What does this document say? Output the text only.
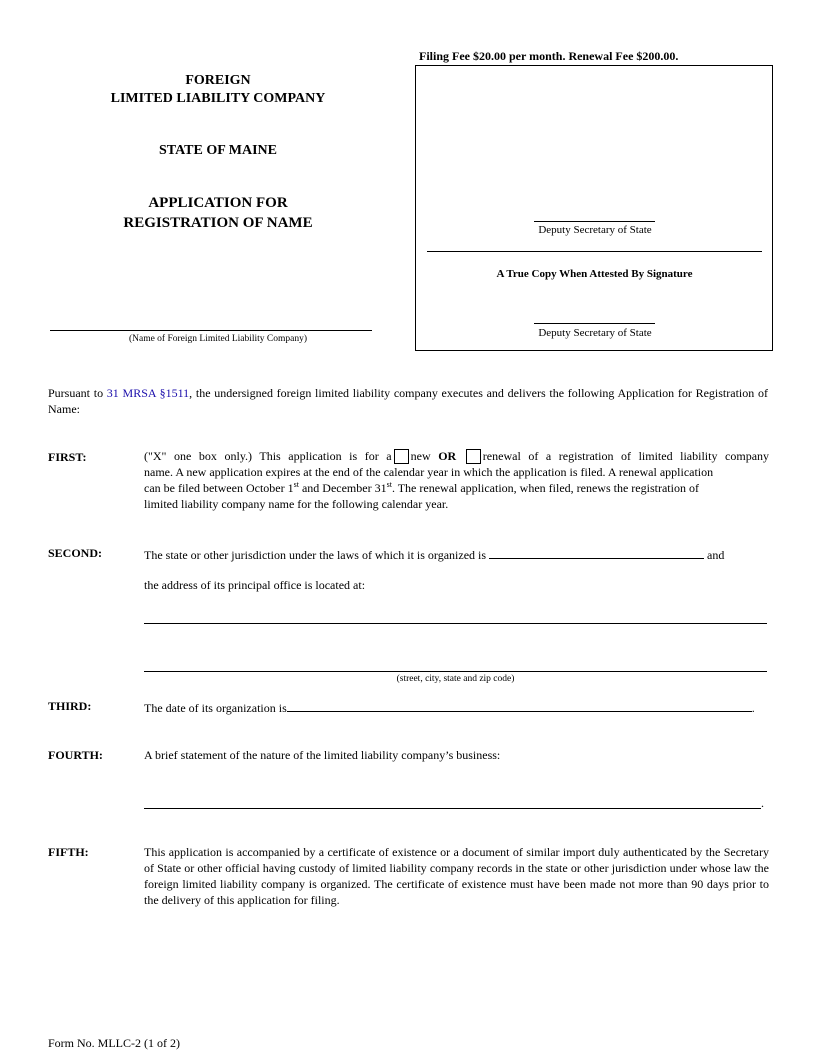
FOREIGN
LIMITED LIABILITY COMPANY
STATE OF MAINE
APPLICATION FOR
REGISTRATION OF NAME
(Name of Foreign Limited Liability Company)
Filing Fee $20.00 per month. Renewal Fee $200.00.
Deputy Secretary of State
A True Copy When Attested By Signature
Deputy Secretary of State
Pursuant to 31 MRSA §1511, the undersigned foreign limited liability company executes and delivers the following Application for Registration of Name:
FIRST:	("X" one box only.) This application is for a new OR renewal of a registration of limited liability company
name. A new application expires at the end of the calendar year in which the application is filed. A renewal application
can be filed between October 1st and December 31st. The renewal application, when filed, renews the registration of
limited liability company name for the following calendar year.
SECOND:	The state or other jurisdiction under the laws of which it is organized is	and
the address of its principal office is located at:
(street, city, state and zip code)
THIRD:	The date of its organization is	.
FOURTH:	A brief statement of the nature of the limited liability company’s business:
.
FIFTH:	This application is accompanied by a certificate of existence or a document of similar import duly authenticated by the Secretary of State or other official having custody of limited liability company records in the state or other jurisdiction under whose law the foreign limited liability company is organized. The certificate of existence must have been made not more than 90 days prior to the delivery of this application for filing.
Form No. MLLC-2 (1 of 2)
